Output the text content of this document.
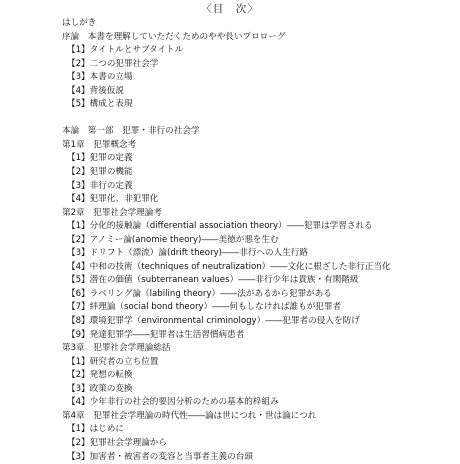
〈目　次〉
はしがき
序論　本書を理解していただくためのやや長いプロローグ
【1】タイトルとサブタイトル
【2】二つの犯罪社会学
【3】本書の立場
【4】背後仮説
【5】構成と表現
本論　第一部　犯罪・非行の社会学
第1章　犯罪概念考
【1】犯罪の定義
【2】犯罪の機能
【3】非行の定義
【4】犯罪化、非犯罪化
第2章　犯罪社会学理論考
【1】分化的接触論（differential association theory）――犯罪は学習される
【2】アノミー論(anomie theory)――美徳が悪を生む
【3】ドリフト（漂流）論(drift theory)――非行への人生行路
【4】中和の技術（techniques of neutralization）――文化に根ざした非行正当化
【5】潜在の価値（subterranean values）――非行少年は貴族・有閑階級
【6】ラベリング論（labiling theory）――法があるから犯罪がある
【7】絆理論（social bond theory）――何もしなければ誰もが犯罪者
【8】環境犯罪学（environmental criminology）――犯罪者の侵入を防げ
【9】発達犯罪学――犯罪者は生活習慣病患者
第3章　犯罪社会学理論総括
【1】研究者の立ち位置
【2】発想の転換
【3】政策の変換
【4】少年非行の社会的要因分析のための基本的枠組み
第4章　犯罪社会学理論の時代性――論は世につれ・世は論につれ
【1】はじめに
【2】犯罪社会学理論から
【3】加害者・被害者の変容と当事者主義の台頭
